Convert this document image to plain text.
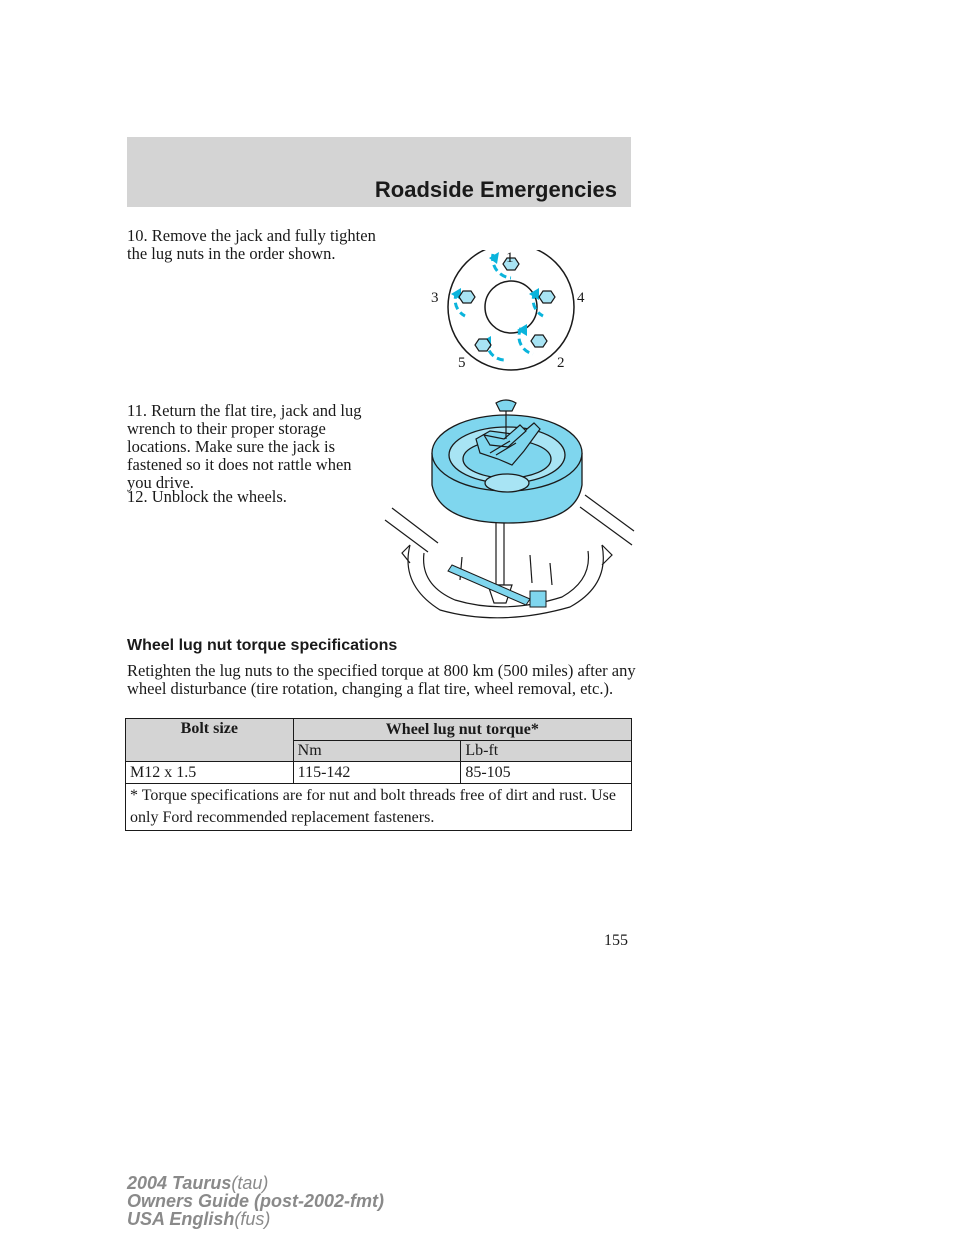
Roadside Emergencies

10. Remove the jack and fully tighten the lug nuts in the order shown.	1
3	4
5	2

11. Return the flat tire, jack and lug wrench to their proper storage locations. Make sure the jack is fastened so it does not rattle when you drive.

12. Unblock the wheels.

Wheel lug nut torque specifications

Retighten the lug nuts to the specified torque at 800 km (500 miles) after any wheel disturbance (tire rotation, changing a flat tire, wheel removal, etc.).

Bolt size	Wheel lug nut torque*	
	Nm	Lb-ft
M12 x 1.5	115-142	85-105
* Torque specifications are for nut and bolt threads free of dirt and rust. Use only Ford recommended replacement fasteners.		
155
2004 Taurus(tau)
Owners Guide (post-2002-fmt)
USA English(fus)
